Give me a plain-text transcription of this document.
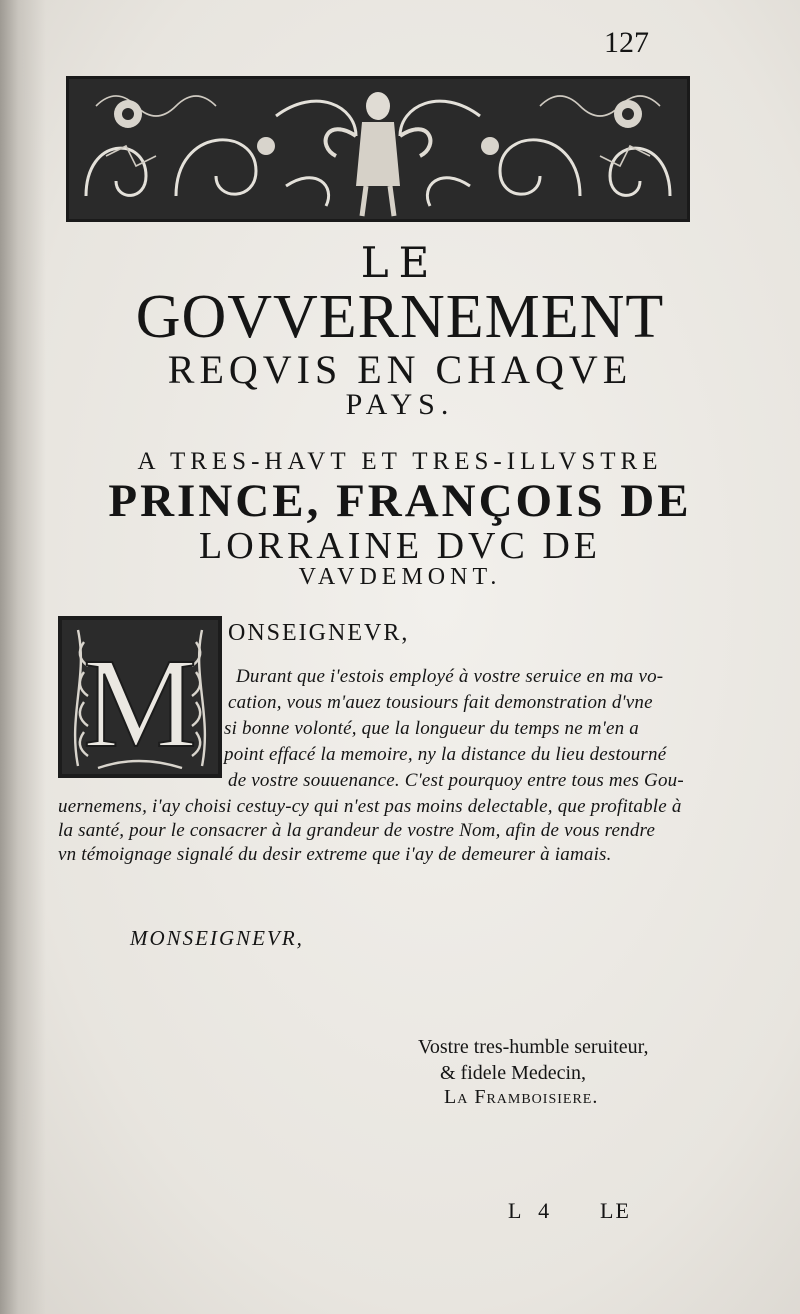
127
LE
GOVVERNEMENT
REQVIS EN CHAQVE
PAYS.
A TRES-HAVT ET TRES-ILLVSTRE
PRINCE, FRANÇOIS DE
LORRAINE DVC DE
VAVDEMONT.
M ONSEIGNEVR,
Durant que i'estois employé à vostre seruice en ma vo-
cation, vous m'auez tousiours fait demonstration d'vne
si bonne volonté, que la longueur du temps ne m'en a
point effacé la memoire, ny la distance du lieu destourné
de vostre souuenance. C'est pourquoy entre tous mes Gou-
uernemens, i'ay choisi cestuy-cy qui n'est pas moins delectable, que profitable à
la santé, pour le consacrer à la grandeur de vostre Nom, afin de vous rendre
vn témoignage signalé du desir extreme que i'ay de demeurer à iamais.
MONSEIGNEVR,
Vostre tres-humble seruiteur,
& fidele Medecin,
La Framboisiere.
L 4 LE
